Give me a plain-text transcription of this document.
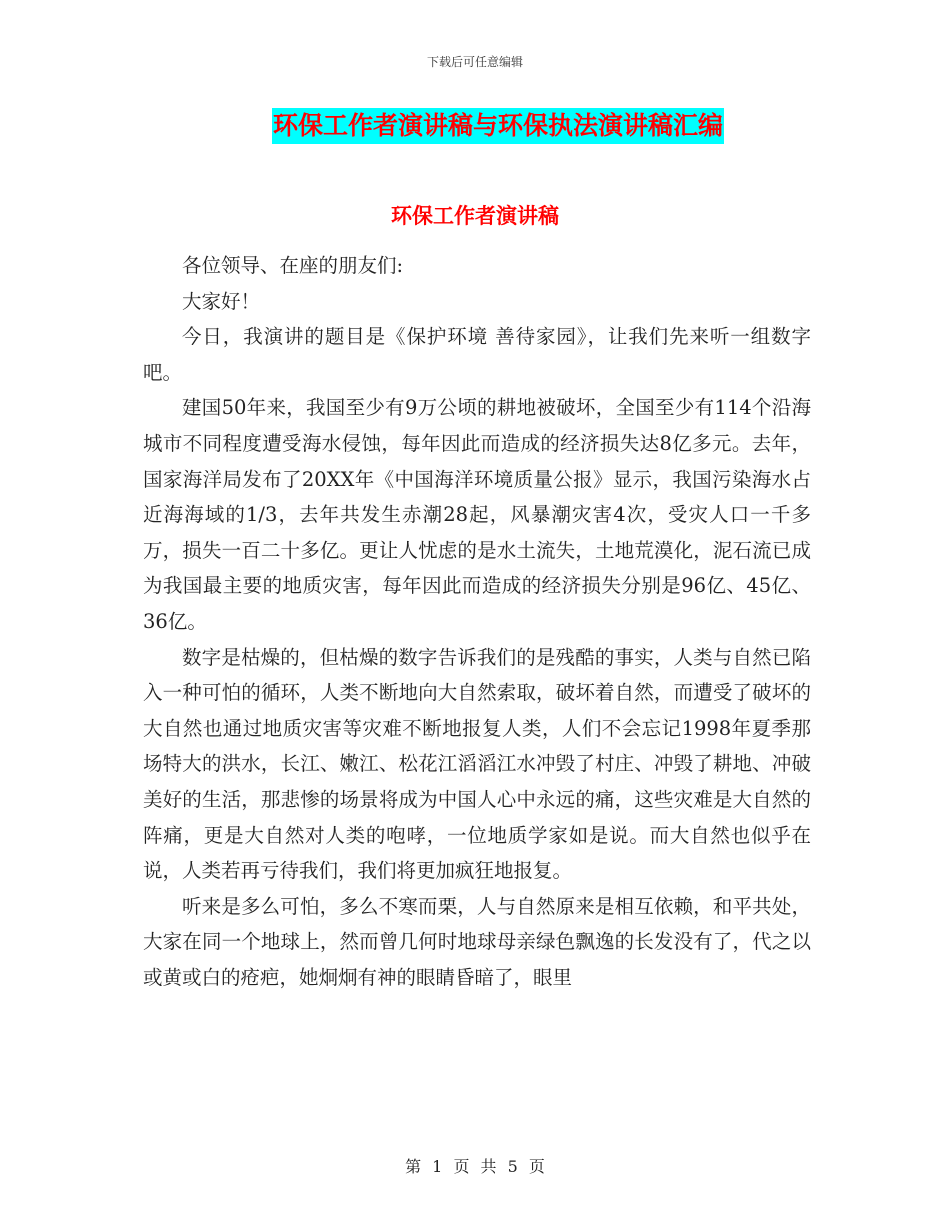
下载后可任意编辑
环保工作者演讲稿与环保执法演讲稿汇编
环保工作者演讲稿

各位领导、在座的朋友们:

大家好！

今日，我演讲的题目是《保护环境 善待家园》，让我们先来听一组数字吧。

建国50年来，我国至少有9万公顷的耕地被破坏，全国至少有114个沿海城市不同程度遭受海水侵蚀，每年因此而造成的经济损失达8亿多元。去年，国家海洋局发布了20XX年《中国海洋环境质量公报》显示，我国污染海水占近海海域的1/3，去年共发生赤潮28起，风暴潮灾害4次，受灾人口一千多万，损失一百二十多亿。更让人忧虑的是水土流失，土地荒漠化，泥石流已成为我国最主要的地质灾害，每年因此而造成的经济损失分别是96亿、45亿、36亿。

数字是枯燥的，但枯燥的数字告诉我们的是残酷的事实，人类与自然已陷入一种可怕的循环，人类不断地向大自然索取，破坏着自然，而遭受了破坏的大自然也通过地质灾害等灾难不断地报复人类，人们不会忘记1998年夏季那场特大的洪水，长江、嫩江、松花江滔滔江水冲毁了村庄、冲毁了耕地、冲破美好的生活，那悲惨的场景将成为中国人心中永远的痛，这些灾难是大自然的阵痛，更是大自然对人类的咆哮，一位地质学家如是说。而大自然也似乎在说，人类若再亏待我们，我们将更加疯狂地报复。

听来是多么可怕，多么不寒而栗，人与自然原来是相互依赖，和平共处，大家在同一个地球上，然而曾几何时地球母亲绿色飘逸的长发没有了，代之以或黄或白的疮疤，她炯炯有神的眼睛昏暗了，眼里

第 1 页 共 5 页
